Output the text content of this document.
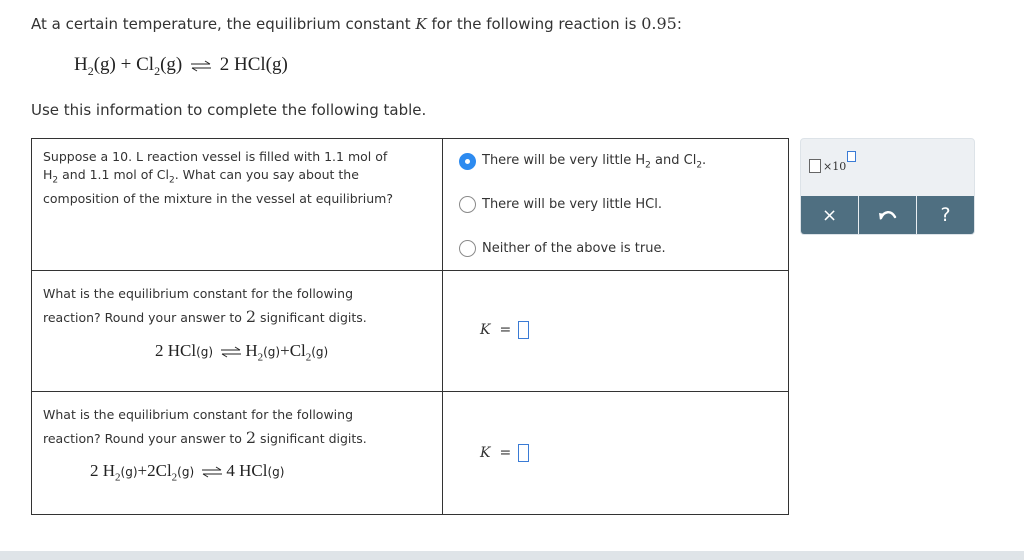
At a certain temperature, the equilibrium constant K for the following reaction is 0.95:
$H_2(g) + Cl_2(g)$ ⇌ 2 HCl(g)
Use this information to complete the following table.
Suppose a 10. L reaction vessel is filled with 1.1 mol of
$H_2$ and 1.1 mol of $Cl_2$. What can you say about the
composition of the mixture in the vessel at equilibrium?
There will be very little $H_2$ and $Cl_2$.
There will be very little HCl.
Neither of the above is true.
What is the equilibrium constant for the following
reaction? Round your answer to 2 significant digits.
2 HCl(g) ⇌ $H_2(g)+Cl_2(g)$
K =
What is the equilibrium constant for the following
reaction? Round your answer to 2 significant digits.
2 $H_2(g)+2Cl_2(g)$ ⇌ 4 HCl(g)
K =
×10
×	?
